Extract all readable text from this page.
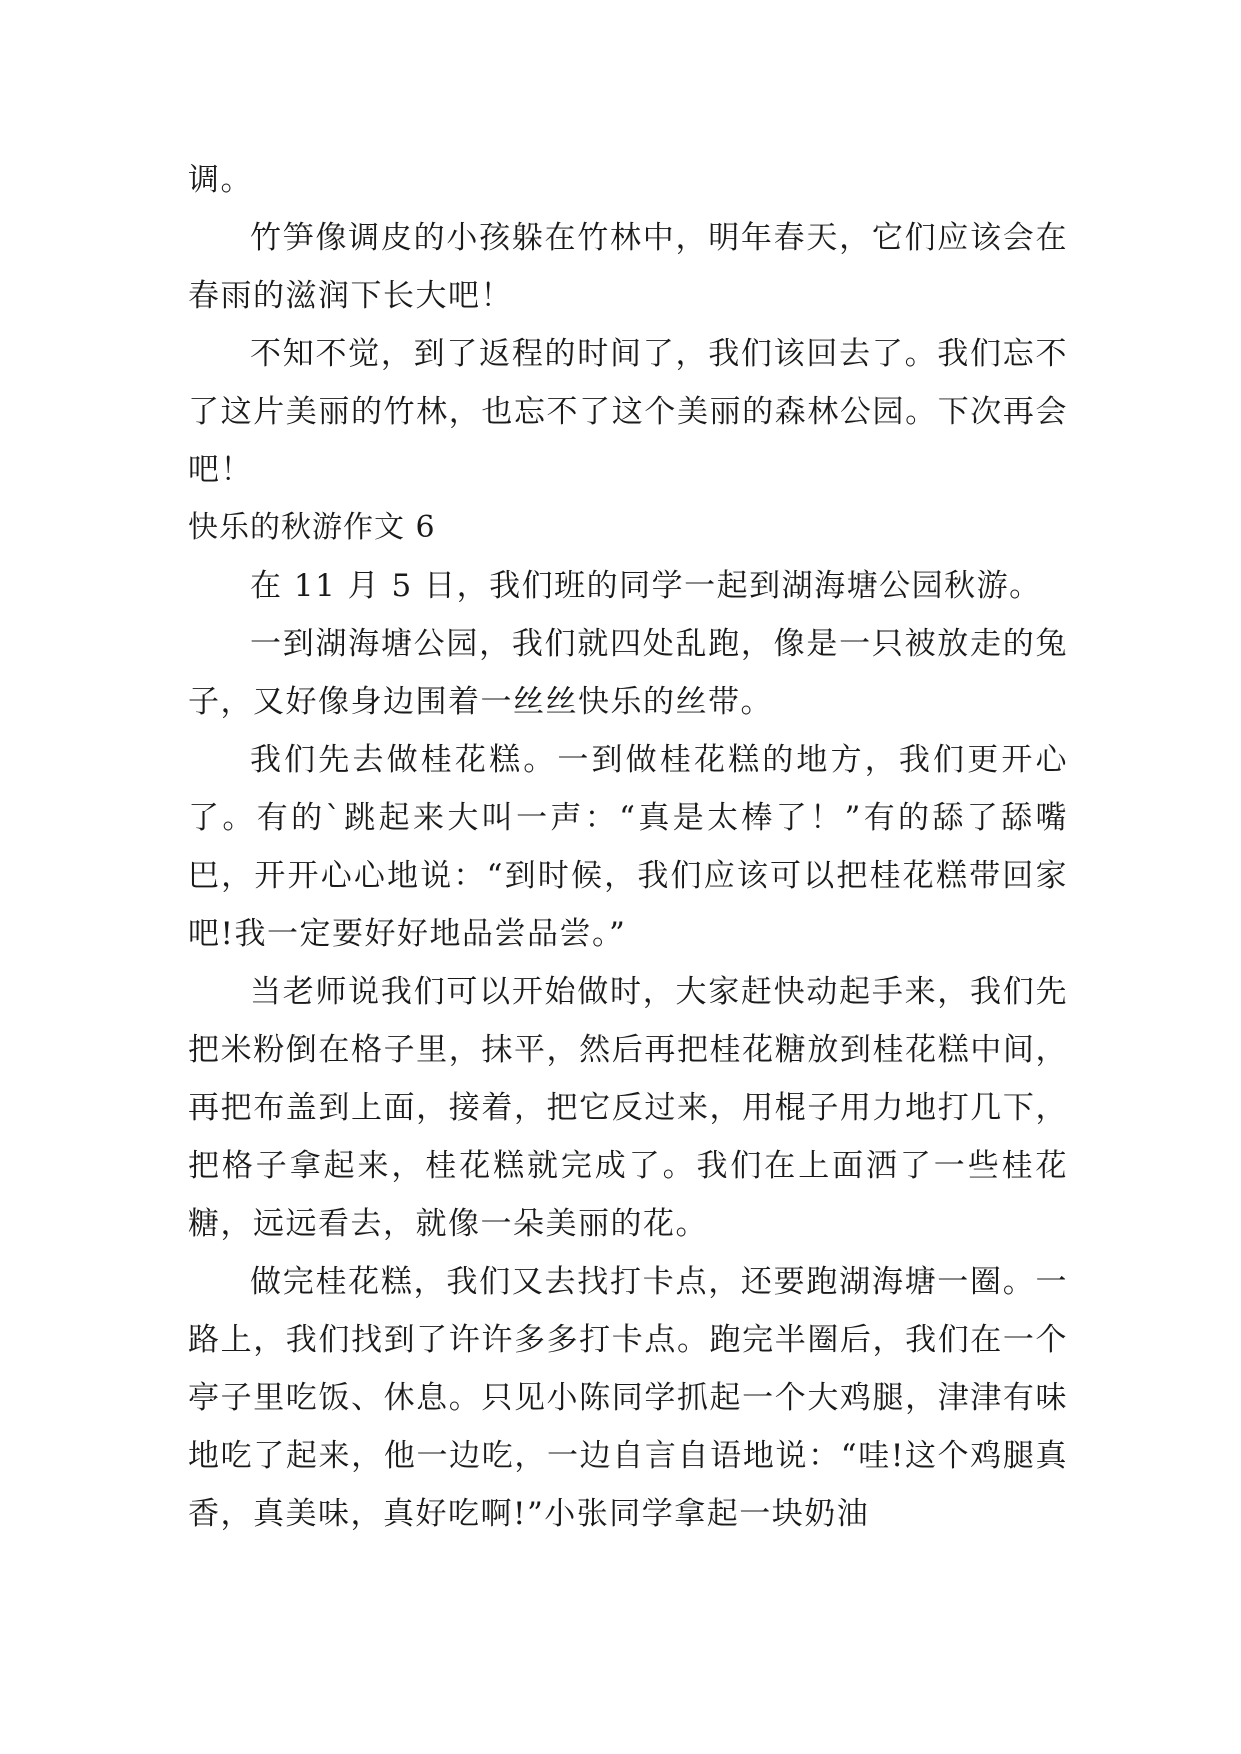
调。

竹笋像调皮的小孩躲在竹林中，明年春天，它们应该会在春雨的滋润下长大吧！

不知不觉，到了返程的时间了，我们该回去了。我们忘不了这片美丽的竹林，也忘不了这个美丽的森林公园。下次再会吧！

快乐的秋游作文 6

在 11 月 5 日，我们班的同学一起到湖海塘公园秋游。

一到湖海塘公园，我们就四处乱跑，像是一只被放走的兔子，又好像身边围着一丝丝快乐的丝带。

我们先去做桂花糕。一到做桂花糕的地方，我们更开心了。有的`跳起来大叫一声：“真是太棒了！”有的舔了舔嘴巴，开开心心地说：“到时候，我们应该可以把桂花糕带回家吧!我一定要好好地品尝品尝。”

当老师说我们可以开始做时，大家赶快动起手来，我们先把米粉倒在格子里，抹平，然后再把桂花糖放到桂花糕中间，再把布盖到上面，接着，把它反过来，用棍子用力地打几下，把格子拿起来，桂花糕就完成了。我们在上面洒了一些桂花糖，远远看去，就像一朵美丽的花。

做完桂花糕，我们又去找打卡点，还要跑湖海塘一圈。一路上，我们找到了许许多多打卡点。跑完半圈后，我们在一个亭子里吃饭、休息。只见小陈同学抓起一个大鸡腿，津津有味地吃了起来，他一边吃，一边自言自语地说：“哇!这个鸡腿真香，真美味，真好吃啊!”小张同学拿起一块奶油
